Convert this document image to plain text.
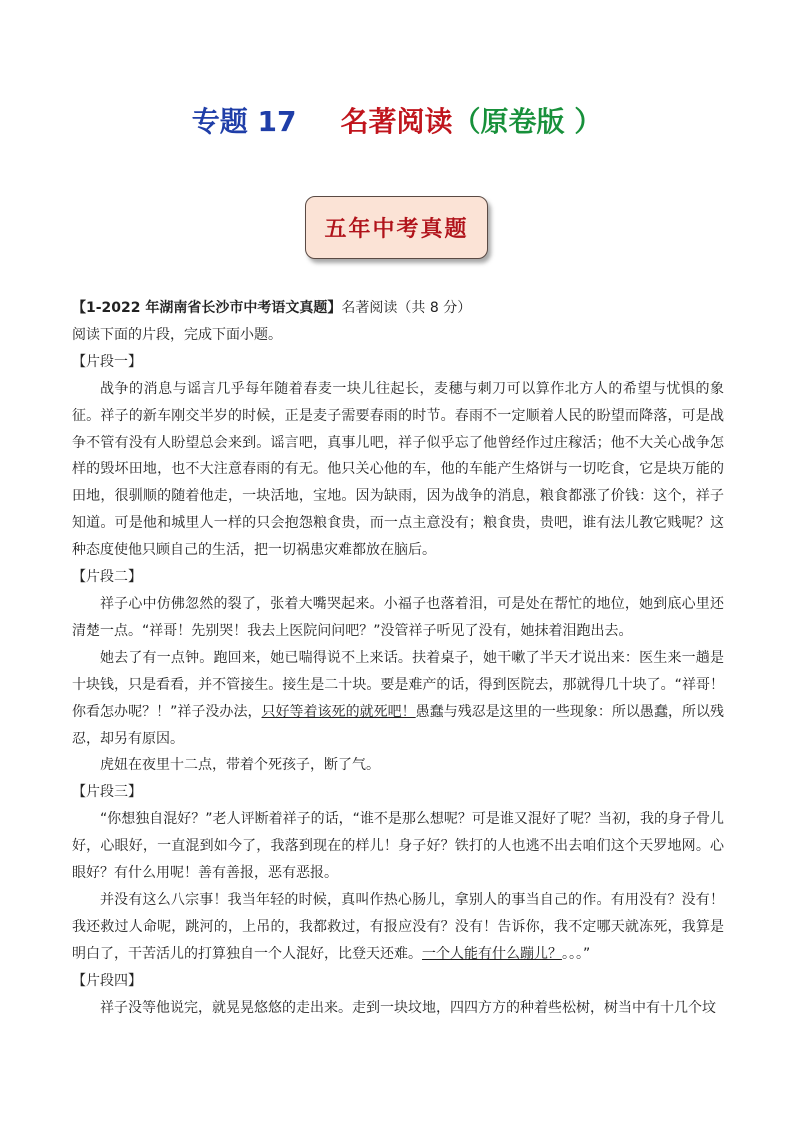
专题 17 名著阅读（原卷版 ）
五年中考真题

【1-2022 年湖南省长沙市中考语文真题】名著阅读（共 8 分）

阅读下面的片段，完成下面小题。

【片段一】

战争的消息与谣言几乎每年随着春麦一块儿往起长，麦穗与刺刀可以算作北方人的希望与忧惧的象征。祥子的新车刚交半岁的时候，正是麦子需要春雨的时节。春雨不一定顺着人民的盼望而降落，可是战争不管有没有人盼望总会来到。谣言吧，真事儿吧，祥子似乎忘了他曾经作过庄稼活；他不大关心战争怎样的毁坏田地，也不大注意春雨的有无。他只关心他的车，他的车能产生烙饼与一切吃食，它是块万能的田地，很驯顺的随着他走，一块活地，宝地。因为缺雨，因为战争的消息，粮食都涨了价钱：这个，祥子知道。可是他和城里人一样的只会抱怨粮食贵，而一点主意没有；粮食贵，贵吧，谁有法儿教它贱呢？这种态度使他只顾自己的生活，把一切祸患灾难都放在脑后。

【片段二】

祥子心中仿佛忽然的裂了，张着大嘴哭起来。小福子也落着泪，可是处在帮忙的地位，她到底心里还清楚一点。“祥哥！先别哭！我去上医院问问吧？”没管祥子听见了没有，她抹着泪跑出去。

她去了有一点钟。跑回来，她已喘得说不上来话。扶着桌子，她干嗽了半天才说出来：医生来一趟是十块钱，只是看看，并不管接生。接生是二十块。要是难产的话，得到医院去，那就得几十块了。“祥哥！你看怎办呢？！”祥子没办法，只好等着该死的就死吧！愚蠢与残忍是这里的一些现象：所以愚蠢，所以残忍，却另有原因。

虎妞在夜里十二点，带着个死孩子，断了气。

【片段三】

“你想独自混好？”老人评断着祥子的话，“谁不是那么想呢？可是谁又混好了呢？当初，我的身子骨儿好，心眼好，一直混到如今了，我落到现在的样儿！身子好？铁打的人也逃不出去咱们这个天罗地网。心眼好？有什么用呢！善有善报，恶有恶报。

并没有这么八宗事！我当年轻的时候，真叫作热心肠儿，拿别人的事当自己的作。有用没有？没有！我还救过人命呢，跳河的，上吊的，我都救过，有报应没有？没有！告诉你，我不定哪天就冻死，我算是明白了，干苦活儿的打算独自一个人混好，比登天还难。一个人能有什么蹦儿？。。。”

【片段四】

祥子没等他说完，就晃晃悠悠的走出来。走到一块坟地，四四方方的种着些松树，树当中有十几个坟
